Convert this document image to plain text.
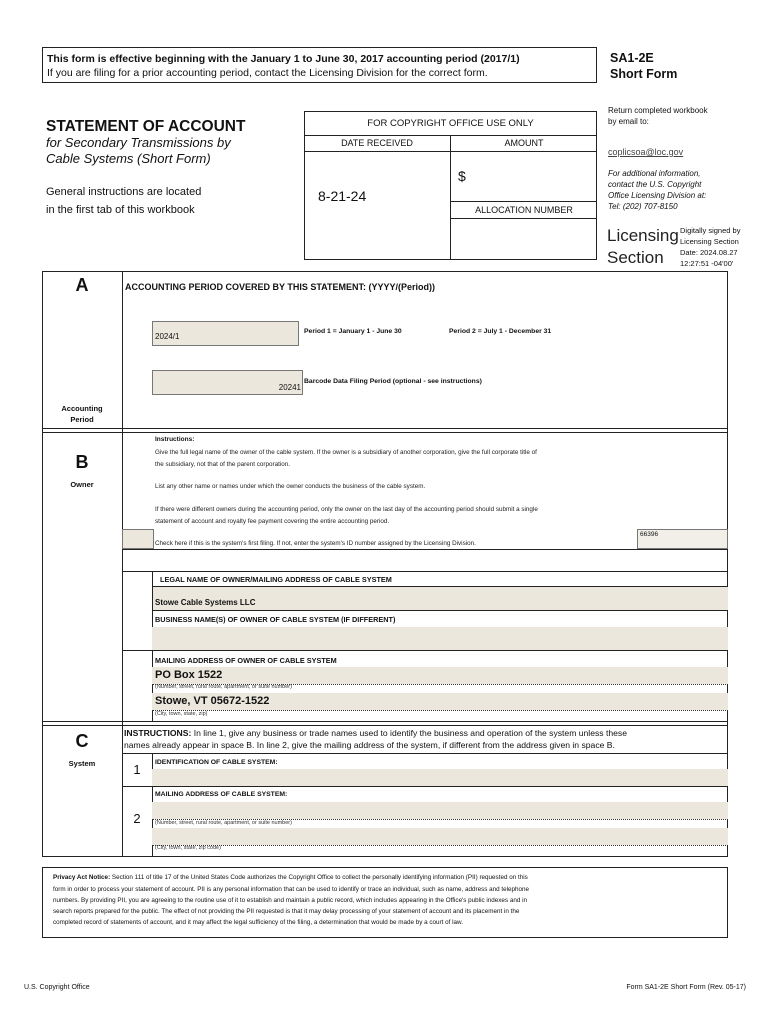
This form is effective beginning with the January 1 to June 30, 2017 accounting period (2017/1)
If you are filing for a prior accounting period, contact the Licensing Division for the correct form.
SA1-2E
Short Form
STATEMENT OF ACCOUNT
for Secondary Transmissions by
Cable Systems (Short Form)
General instructions are located
in the first tab of this workbook
FOR COPYRIGHT OFFICE USE ONLY
DATE RECEIVED	AMOUNT
8-21-24
$
ALLOCATION NUMBER
Return completed workbook
by email to:
coplicsoa@loc.gov
For additional information,
contact the U.S. Copyright
Office Licensing Division at:
Tel: (202) 707-8150
Licensing
Section
Digitally signed by
Licensing Section
Date: 2024.08.27
12:27:51 -04'00'
A
Accounting
Period
ACCOUNTING PERIOD COVERED BY THIS STATEMENT: (YYYY/(Period))
2024/1
Period 1 = January 1 - June 30	Period 2 = July 1 - December 31
20241
Barcode Data Filing Period (optional - see instructions)
B
Owner
Instructions:
Give the full legal name of the owner of the cable system. If the owner is a subsidiary of another corporation, give the full corporate title of
the subsidiary, not that of the parent corporation.
List any other name or names under which the owner conducts the business of the cable system.
If there were different owners during the accounting period, only the owner on the last day of the accounting period should submit a single
statement of account and royalty fee payment covering the entire accounting period.
Check here if this is the system's first filing. If not, enter the system's ID number assigned by the Licensing Division.
66396
LEGAL NAME OF OWNER/MAILING ADDRESS OF CABLE SYSTEM
Stowe Cable Systems LLC
BUSINESS NAME(S) OF OWNER OF CABLE SYSTEM (IF DIFFERENT)
MAILING ADDRESS OF OWNER OF CABLE SYSTEM
PO Box 1522
(Number, street, rural route, apartment, or suite number)
Stowe, VT 05672-1522
(City, town, state, zip)
C
System
INSTRUCTIONS: In line 1, give any business or trade names used to identify the business and operation of the system unless these
names already appear in space B. In line 2, give the mailing address of the system, if different from the address given in space B.
1	IDENTIFICATION OF CABLE SYSTEM:
2
MAILING ADDRESS OF CABLE SYSTEM:
(Number, street, rural route, apartment, or suite number)
(City, town, state, zip code)
Privacy Act Notice: Section 111 of title 17 of the United States Code authorizes the Copyright Office to collect the personally identifying information (PII) requested on this
form in order to process your statement of account. PII is any personal information that can be used to identify or trace an individual, such as name, address and telephone
numbers. By providing PII, you are agreeing to the routine use of it to establish and maintain a public record, which includes appearing in the Office's public indexes and in
search reports prepared for the public. The effect of not providing the PII requested is that it may delay processing of your statement of account and its placement in the
completed record of statements of account, and it may affect the legal sufficiency of the filing, a determination that would be made by a court of law.
U.S. Copyright Office	Form SA1-2E Short Form (Rev. 05-17)
